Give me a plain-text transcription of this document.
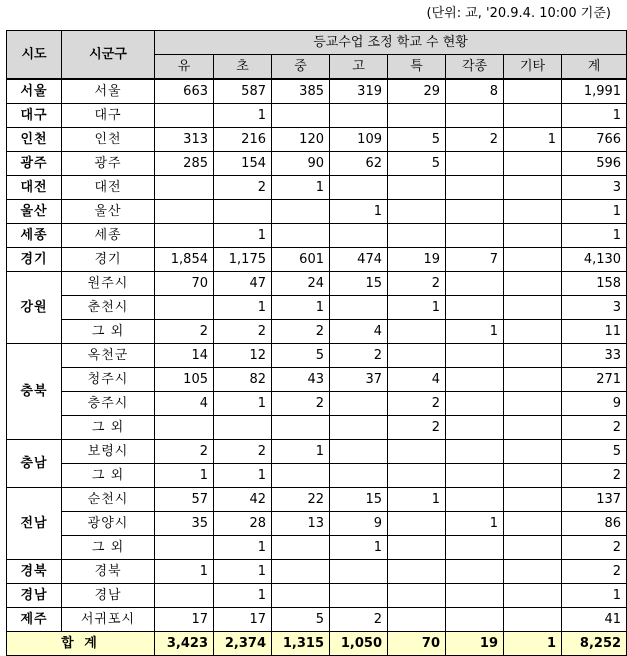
(단위: 교, '20.9.4. 10:00 기준)
시도	시군구	등교수업 조정 학교 수 현황							
		유	초	중	고	특	각종	기타	계
서울	서울	663	587	385	319	29	8		1,991
대구	대구		1						1
인천	인천	313	216	120	109	5	2	1	766
광주	광주	285	154	90	62	5			596
대전	대전		2	1					3
울산	울산				1				1
세종	세종		1						1
경기	경기	1,854	1,175	601	474	19	7		4,130
강원	원주시	70	47	24	15	2			158
	춘천시		1	1		1			3
	그 외	2	2	2	4		1		11
충북	옥천군	14	12	5	2				33
	청주시	105	82	43	37	4			271
	충주시	4	1	2		2			9
	그 외					2			2
충남	보령시	2	2	1					5
	그 외	1	1						2
전남	순천시	57	42	22	15	1			137
	광양시	35	28	13	9		1		86
	그 외		1		1				2
경북	경북	1	1						2
경남	경남		1						1
제주	서귀포시	17	17	5	2				41
합 계		3,423	2,374	1,315	1,050	70	19	1	8,252
